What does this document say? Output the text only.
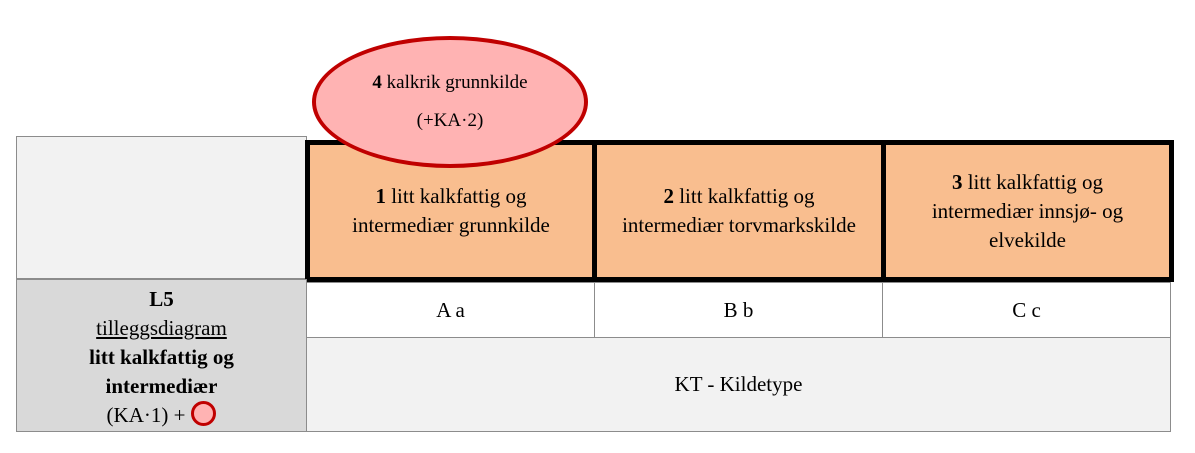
1 litt kalkfattig og intermediær grunnkilde
2 litt kalkfattig og intermediær torvmarkskilde
3 litt kalkfattig og intermediær innsjø- og elvekilde
L5
tilleggsdiagram
litt kalkfattig og
intermediær
(KA·1) +
A a	B b	C c
KT - Kildetype
4 kalkrik grunnkilde
(+KA·2)
